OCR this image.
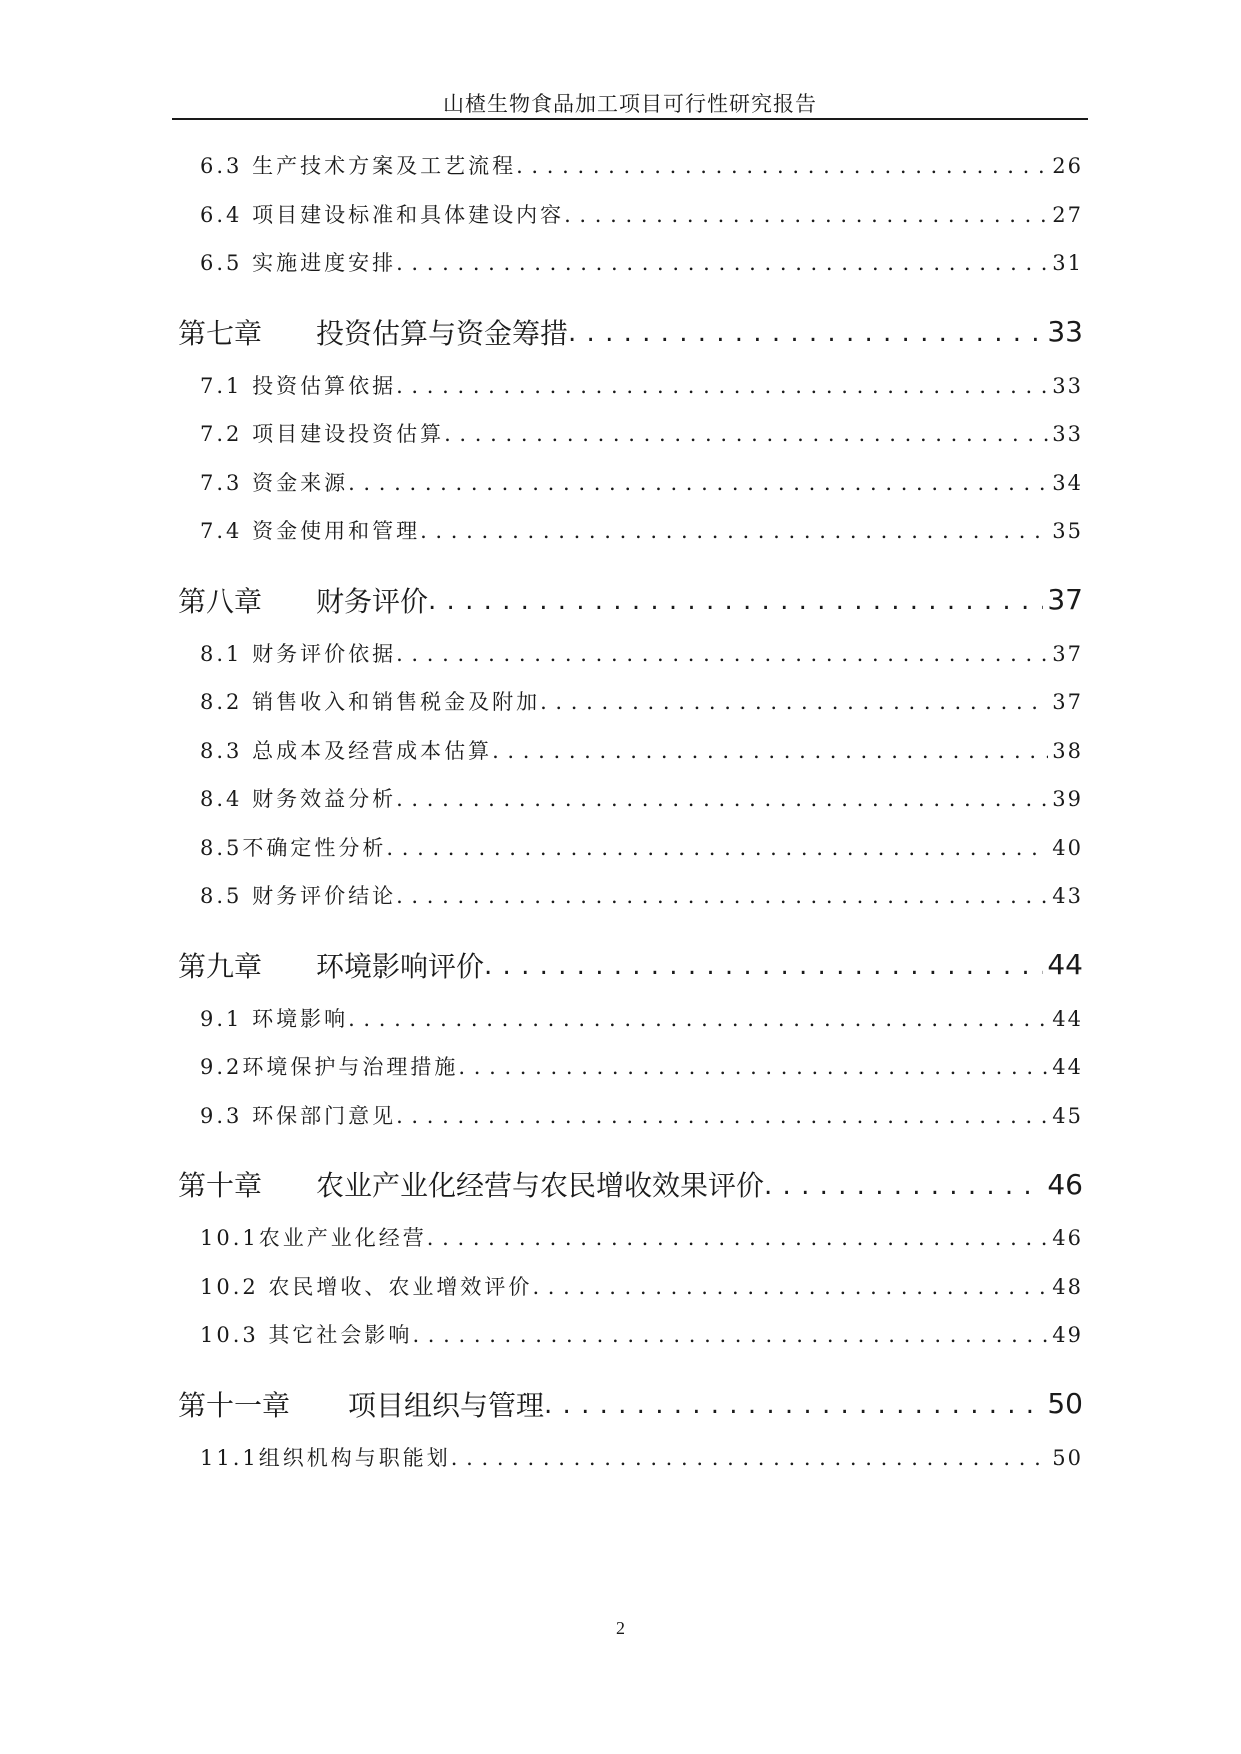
山楂生物食品加工项目可行性研究报告
6.3 生产技术方案及工艺流程 . . .	26
6.4 项目建设标准和具体建设内容 . . .	27
6.5 实施进度安排 . . .	31
第七章	投资估算与资金筹措 . . .	33
7.1 投资估算依据 . . .	33
7.2 项目建设投资估算 . . .	33
7.3 资金来源 . . .	34
7.4 资金使用和管理 . . .	35
第八章	财务评价 . . .	37
8.1 财务评价依据 . . .	37
8.2 销售收入和销售税金及附加 . . .	37
8.3 总成本及经营成本估算 . . .	38
8.4 财务效益分析 . . .	39
8.5不确定性分析 . . .	40
8.5 财务评价结论 . . .	43
第九章	环境影响评价 . . .	44
9.1 环境影响 . . .	44
9.2环境保护与治理措施 . . .	44
9.3 环保部门意见 . . .	45
第十章	农业产业化经营与农民增收效果评价 . . .	46
10.1农业产业化经营 . . .	46
10.2 农民增收、农业增效评价 . . .	48
10.3 其它社会影响 . . .	49
第十一章	项目组织与管理 . . .	50
11.1组织机构与职能划 . . .	50
2
